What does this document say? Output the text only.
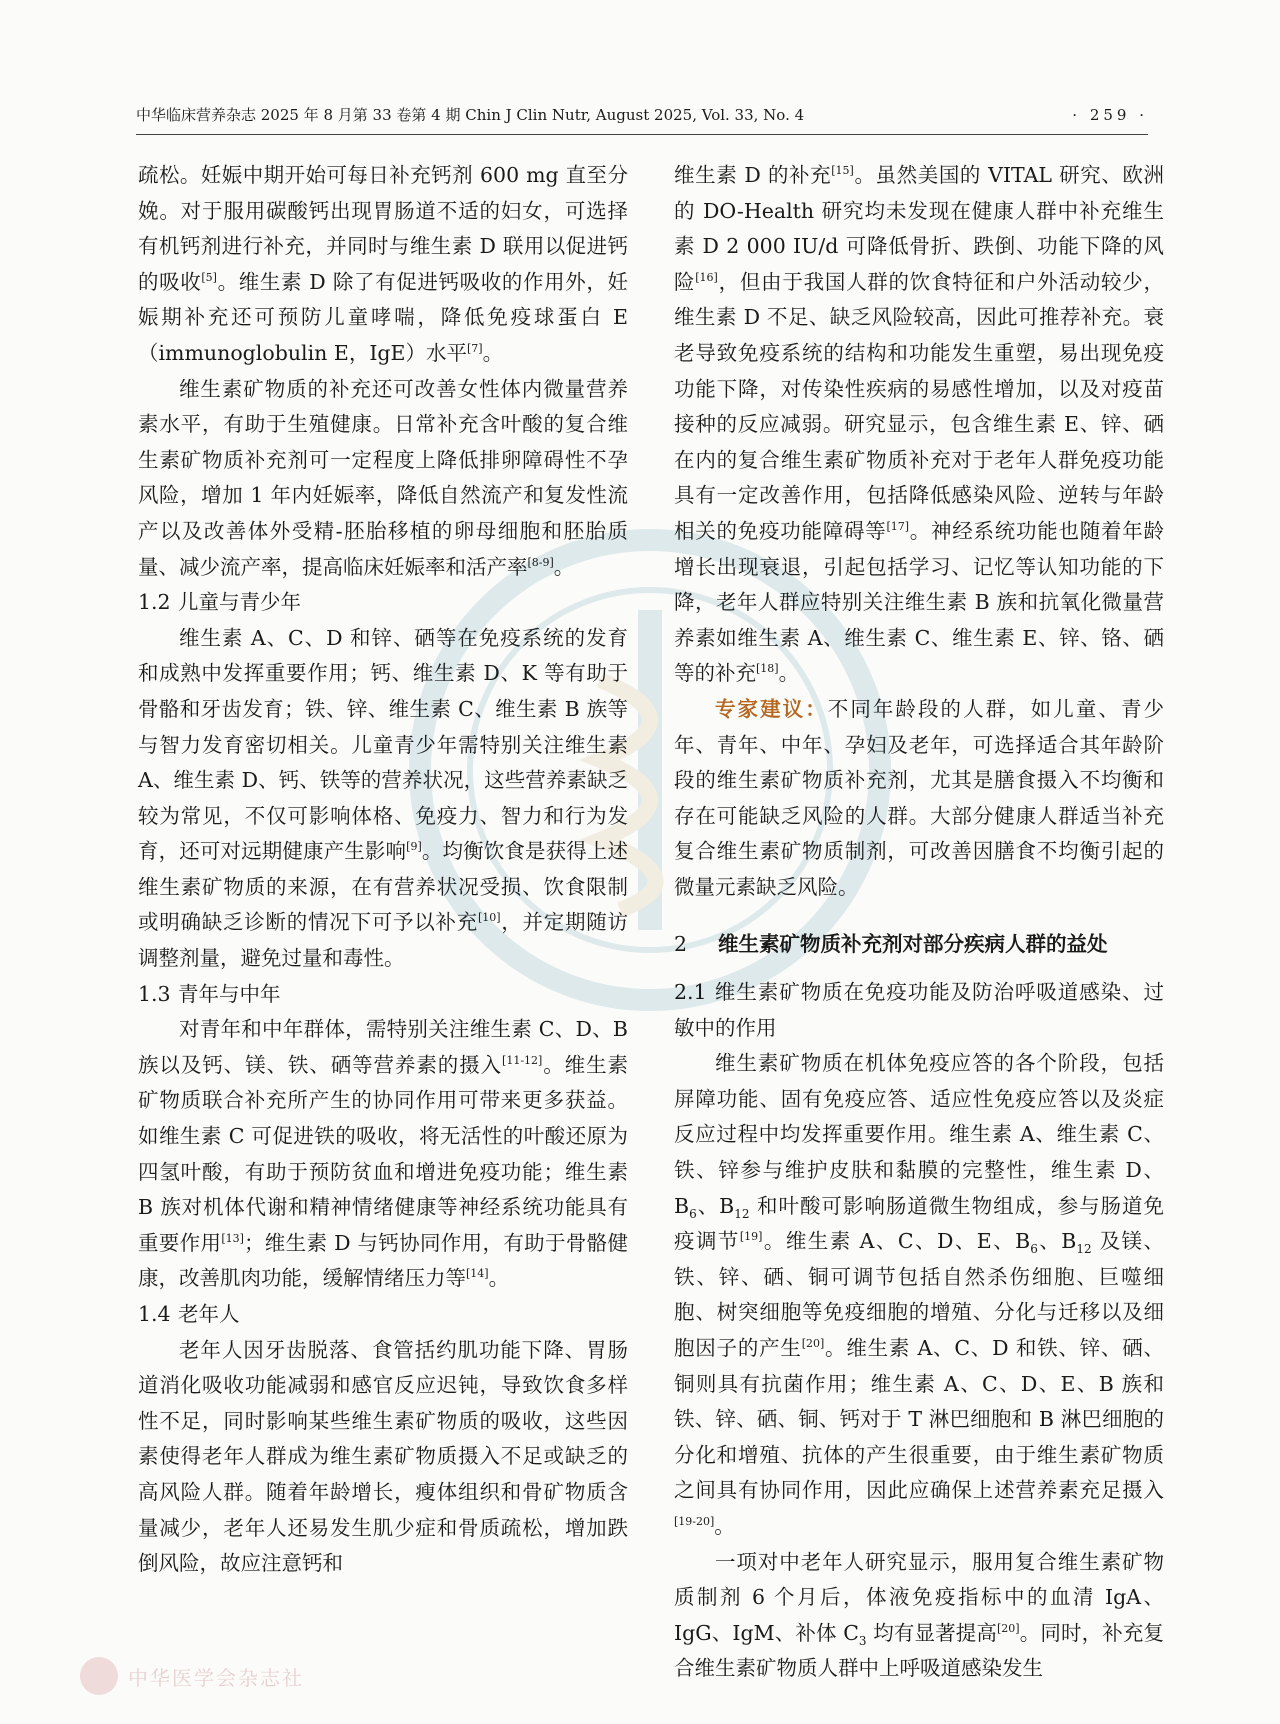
中华临床营养杂志 2025 年 8 月第 33 卷第 4 期 Chin J Clin Nutr, August 2025, Vol. 33, No. 4	· 259 ·

疏松。妊娠中期开始可每日补充钙剂 600 mg 直至分娩。对于服用碳酸钙出现胃肠道不适的妇女，可选择有机钙剂进行补充，并同时与维生素 D 联用以促进钙的吸收[5]。维生素 D 除了有促进钙吸收的作用外，妊娠期补充还可预防儿童哮喘，降低免疫球蛋白 E（immunoglobulin E，IgE）水平[7]。

维生素矿物质的补充还可改善女性体内微量营养素水平，有助于生殖健康。日常补充含叶酸的复合维生素矿物质补充剂可一定程度上降低排卵障碍性不孕风险，增加 1 年内妊娠率，降低自然流产和复发性流产以及改善体外受精-胚胎移植的卵母细胞和胚胎质量、减少流产率，提高临床妊娠率和活产率[8-9]。

1.2 儿童与青少年

维生素 A、C、D 和锌、硒等在免疫系统的发育和成熟中发挥重要作用；钙、维生素 D、K 等有助于骨骼和牙齿发育；铁、锌、维生素 C、维生素 B 族等与智力发育密切相关。儿童青少年需特别关注维生素 A、维生素 D、钙、铁等的营养状况，这些营养素缺乏较为常见，不仅可影响体格、免疫力、智力和行为发育，还可对远期健康产生影响[9]。均衡饮食是获得上述维生素矿物质的来源，在有营养状况受损、饮食限制或明确缺乏诊断的情况下可予以补充[10]，并定期随访调整剂量，避免过量和毒性。

1.3 青年与中年

对青年和中年群体，需特别关注维生素 C、D、B 族以及钙、镁、铁、硒等营养素的摄入[11-12]。维生素矿物质联合补充所产生的协同作用可带来更多获益。如维生素 C 可促进铁的吸收，将无活性的叶酸还原为四氢叶酸，有助于预防贫血和增进免疫功能；维生素 B 族对机体代谢和精神情绪健康等神经系统功能具有重要作用[13]；维生素 D 与钙协同作用，有助于骨骼健康，改善肌肉功能，缓解情绪压力等[14]。

1.4 老年人

老年人因牙齿脱落、食管括约肌功能下降、胃肠道消化吸收功能减弱和感官反应迟钝，导致饮食多样性不足，同时影响某些维生素矿物质的吸收，这些因素使得老年人群成为维生素矿物质摄入不足或缺乏的高风险人群。随着年龄增长，瘦体组织和骨矿物质含量减少，老年人还易发生肌少症和骨质疏松，增加跌倒风险，故应注意钙和

维生素 D 的补充[15]。虽然美国的 VITAL 研究、欧洲的 DO-Health 研究均未发现在健康人群中补充维生素 D 2 000 IU/d 可降低骨折、跌倒、功能下降的风险[16]，但由于我国人群的饮食特征和户外活动较少，维生素 D 不足、缺乏风险较高，因此可推荐补充。衰老导致免疫系统的结构和功能发生重塑，易出现免疫功能下降，对传染性疾病的易感性增加，以及对疫苗接种的反应减弱。研究显示，包含维生素 E、锌、硒在内的复合维生素矿物质补充对于老年人群免疫功能具有一定改善作用，包括降低感染风险、逆转与年龄相关的免疫功能障碍等[17]。神经系统功能也随着年龄增长出现衰退，引起包括学习、记忆等认知功能的下降，老年人群应特别关注维生素 B 族和抗氧化微量营养素如维生素 A、维生素 C、维生素 E、锌、铬、硒等的补充[18]。

专家建议：不同年龄段的人群，如儿童、青少年、青年、中年、孕妇及老年，可选择适合其年龄阶段的维生素矿物质补充剂，尤其是膳食摄入不均衡和存在可能缺乏风险的人群。大部分健康人群适当补充复合维生素矿物质制剂，可改善因膳食不均衡引起的微量元素缺乏风险。

2 维生素矿物质补充剂对部分疾病人群的益处
2.1 维生素矿物质在免疫功能及防治呼吸道感染、过敏中的作用

维生素矿物质在机体免疫应答的各个阶段，包括屏障功能、固有免疫应答、适应性免疫应答以及炎症反应过程中均发挥重要作用。维生素 A、维生素 C、铁、锌参与维护皮肤和黏膜的完整性，维生素 D、$B_6$、$B_{12}$ 和叶酸可影响肠道微生物组成，参与肠道免疫调节[19]。维生素 A、C、D、E、$B_6$、$B_{12}$ 及镁、铁、锌、硒、铜可调节包括自然杀伤细胞、巨噬细胞、树突细胞等免疫细胞的增殖、分化与迁移以及细胞因子的产生[20]。维生素 A、C、D 和铁、锌、硒、铜则具有抗菌作用；维生素 A、C、D、E、B 族和铁、锌、硒、铜、钙对于 T 淋巴细胞和 B 淋巴细胞的分化和增殖、抗体的产生很重要，由于维生素矿物质之间具有协同作用，因此应确保上述营养素充足摄入[19-20]。

一项对中老年人研究显示，服用复合维生素矿物质制剂 6 个月后，体液免疫指标中的血清 IgA、IgG、IgM、补体 $C_3$ 均有显著提高[20]。同时，补充复合维生素矿物质人群中上呼吸道感染发生

中华医学会杂志社
